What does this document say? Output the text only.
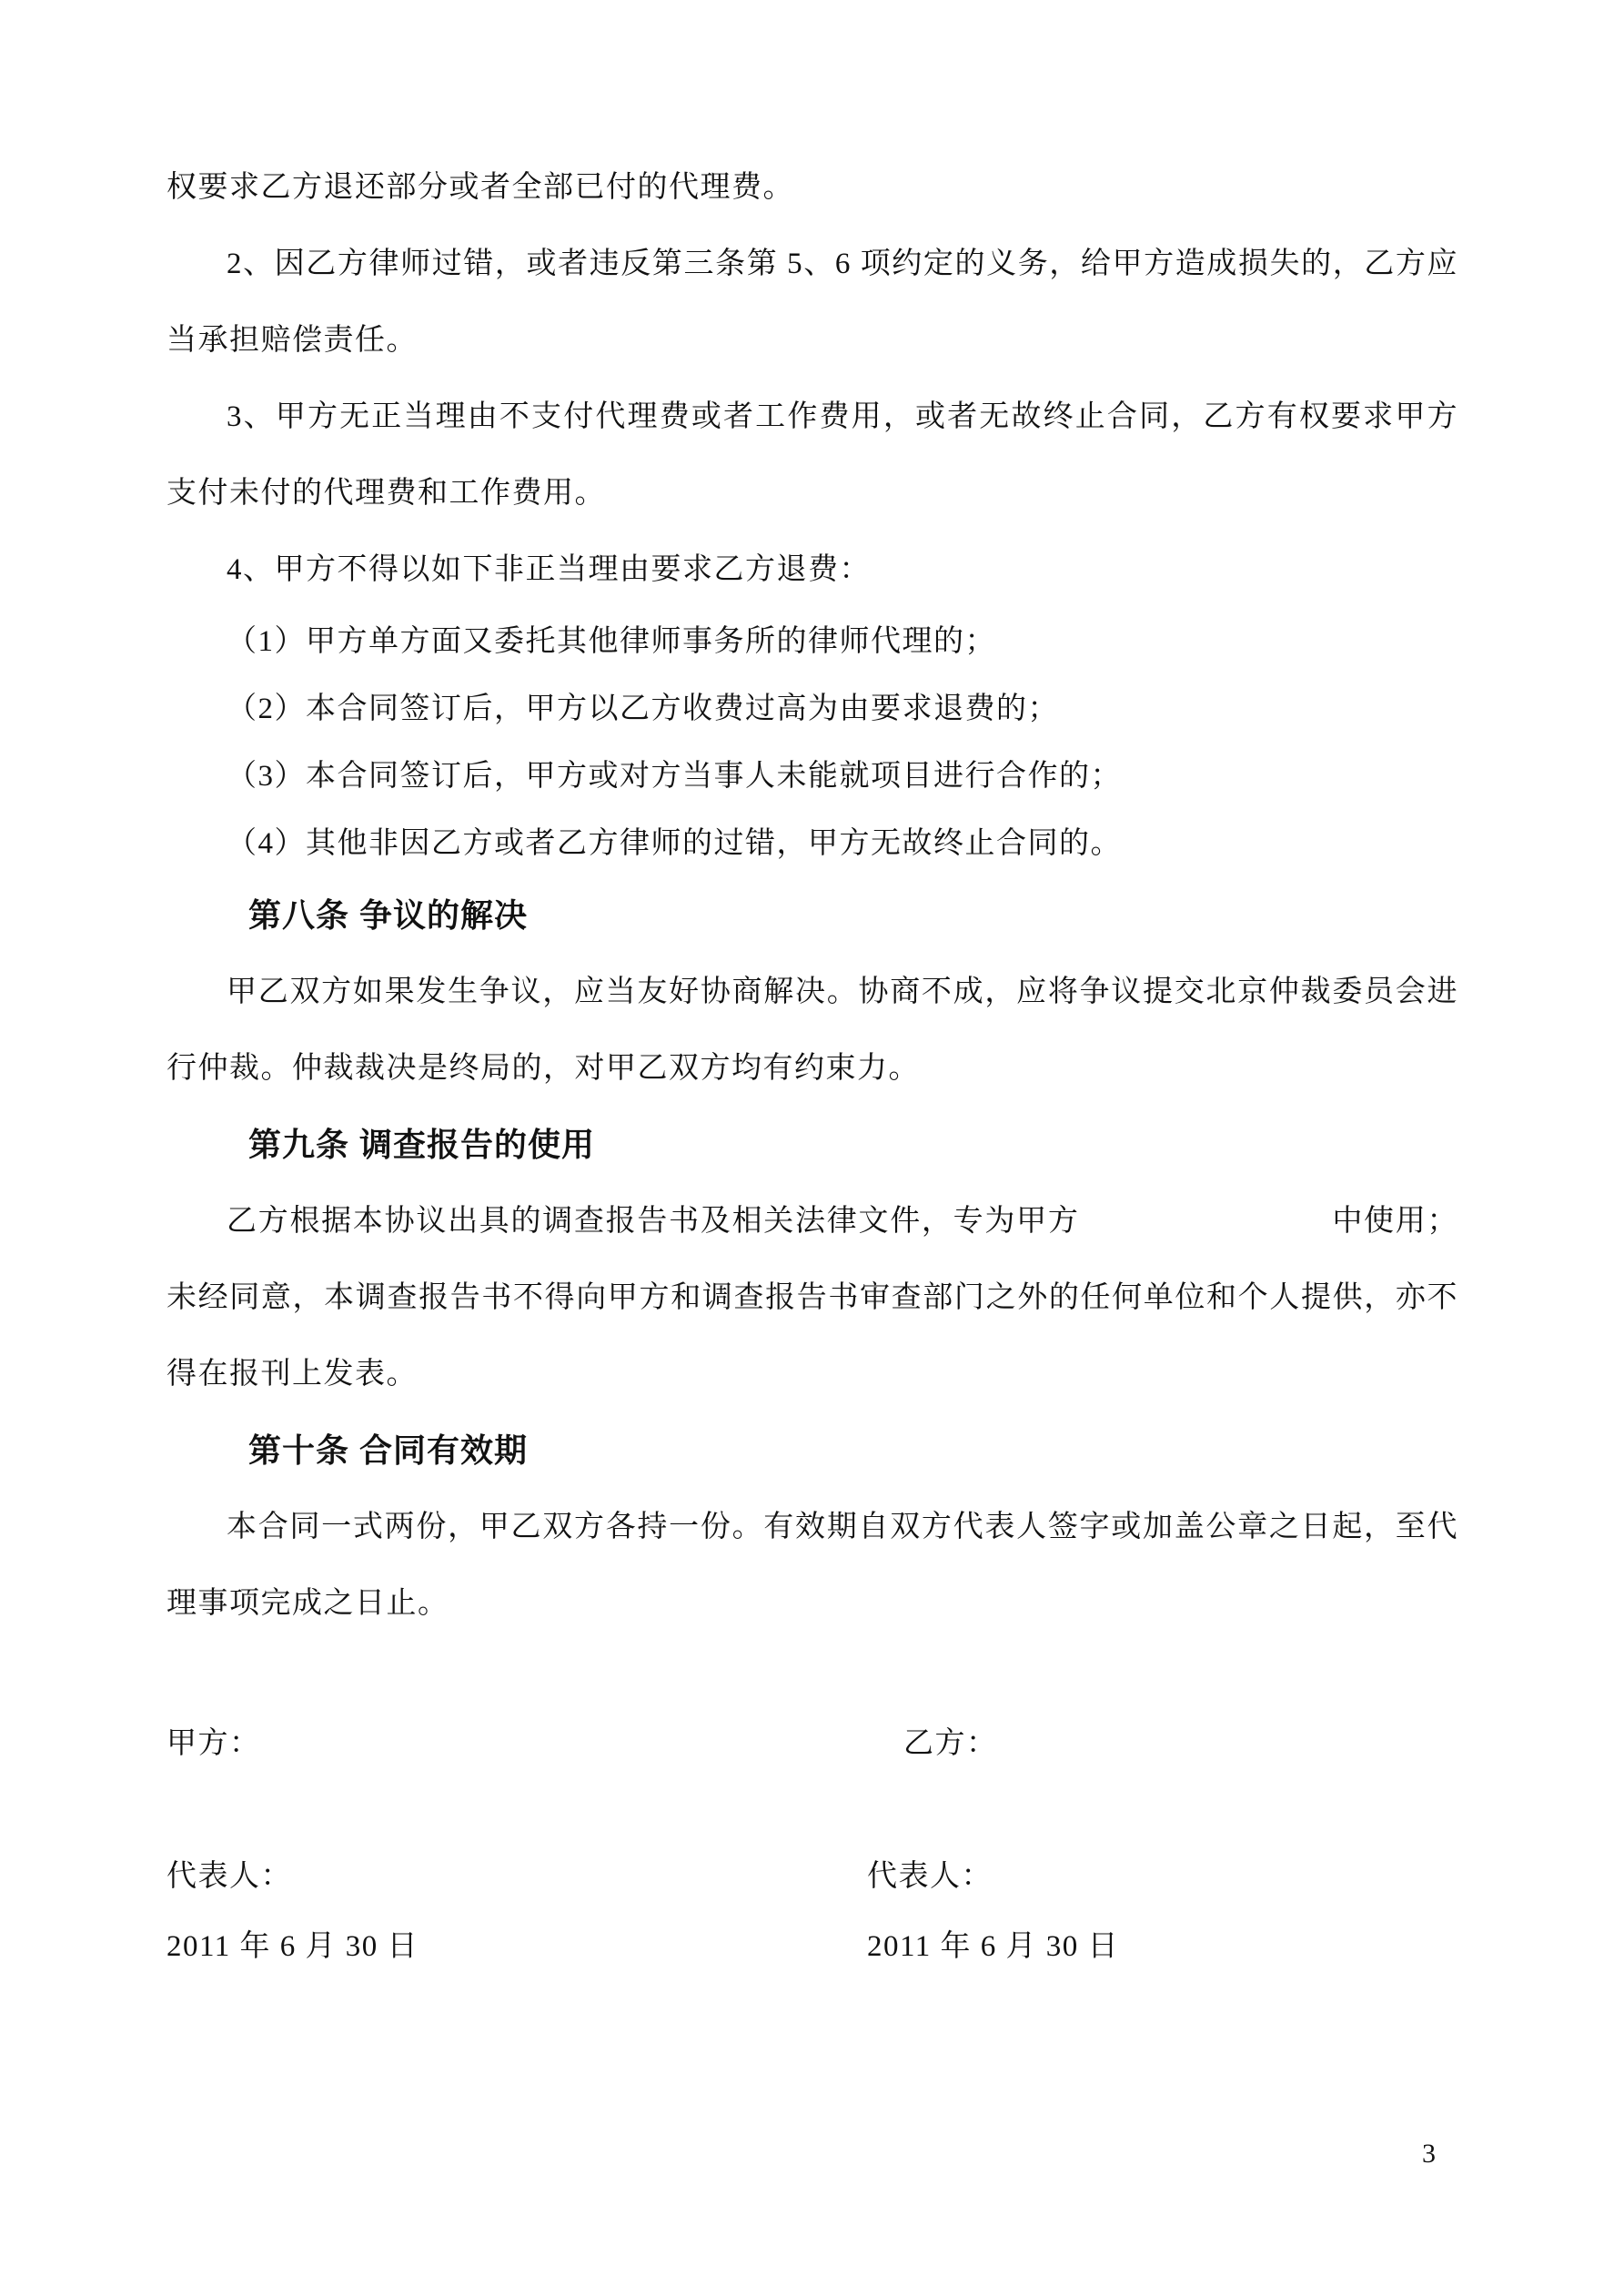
权要求乙方退还部分或者全部已付的代理费。

2、因乙方律师过错，或者违反第三条第 5、6 项约定的义务，给甲方造成损失的，乙方应当承担赔偿责任。

3、甲方无正当理由不支付代理费或者工作费用，或者无故终止合同，乙方有权要求甲方支付未付的代理费和工作费用。

4、甲方不得以如下非正当理由要求乙方退费：

（1）甲方单方面又委托其他律师事务所的律师代理的；

（2）本合同签订后，甲方以乙方收费过高为由要求退费的；

（3）本合同签订后，甲方或对方当事人未能就项目进行合作的；

（4）其他非因乙方或者乙方律师的过错，甲方无故终止合同的。

第八条 争议的解决

甲乙双方如果发生争议，应当友好协商解决。协商不成，应将争议提交北京仲裁委员会进行仲裁。仲裁裁决是终局的，对甲乙双方均有约束力。

第九条 调查报告的使用

乙方根据本协议出具的调查报告书及相关法律文件，专为甲方　　　　　　　　中使用；未经同意，本调查报告书不得向甲方和调查报告书审查部门之外的任何单位和个人提供，亦不得在报刊上发表。

第十条 合同有效期

本合同一式两份，甲乙双方各持一份。有效期自双方代表人签字或加盖公章之日起，至代理事项完成之日止。

甲方：	乙方：
代表人：	代表人：
2011 年 6 月 30 日	2011 年 6 月 30 日
3
